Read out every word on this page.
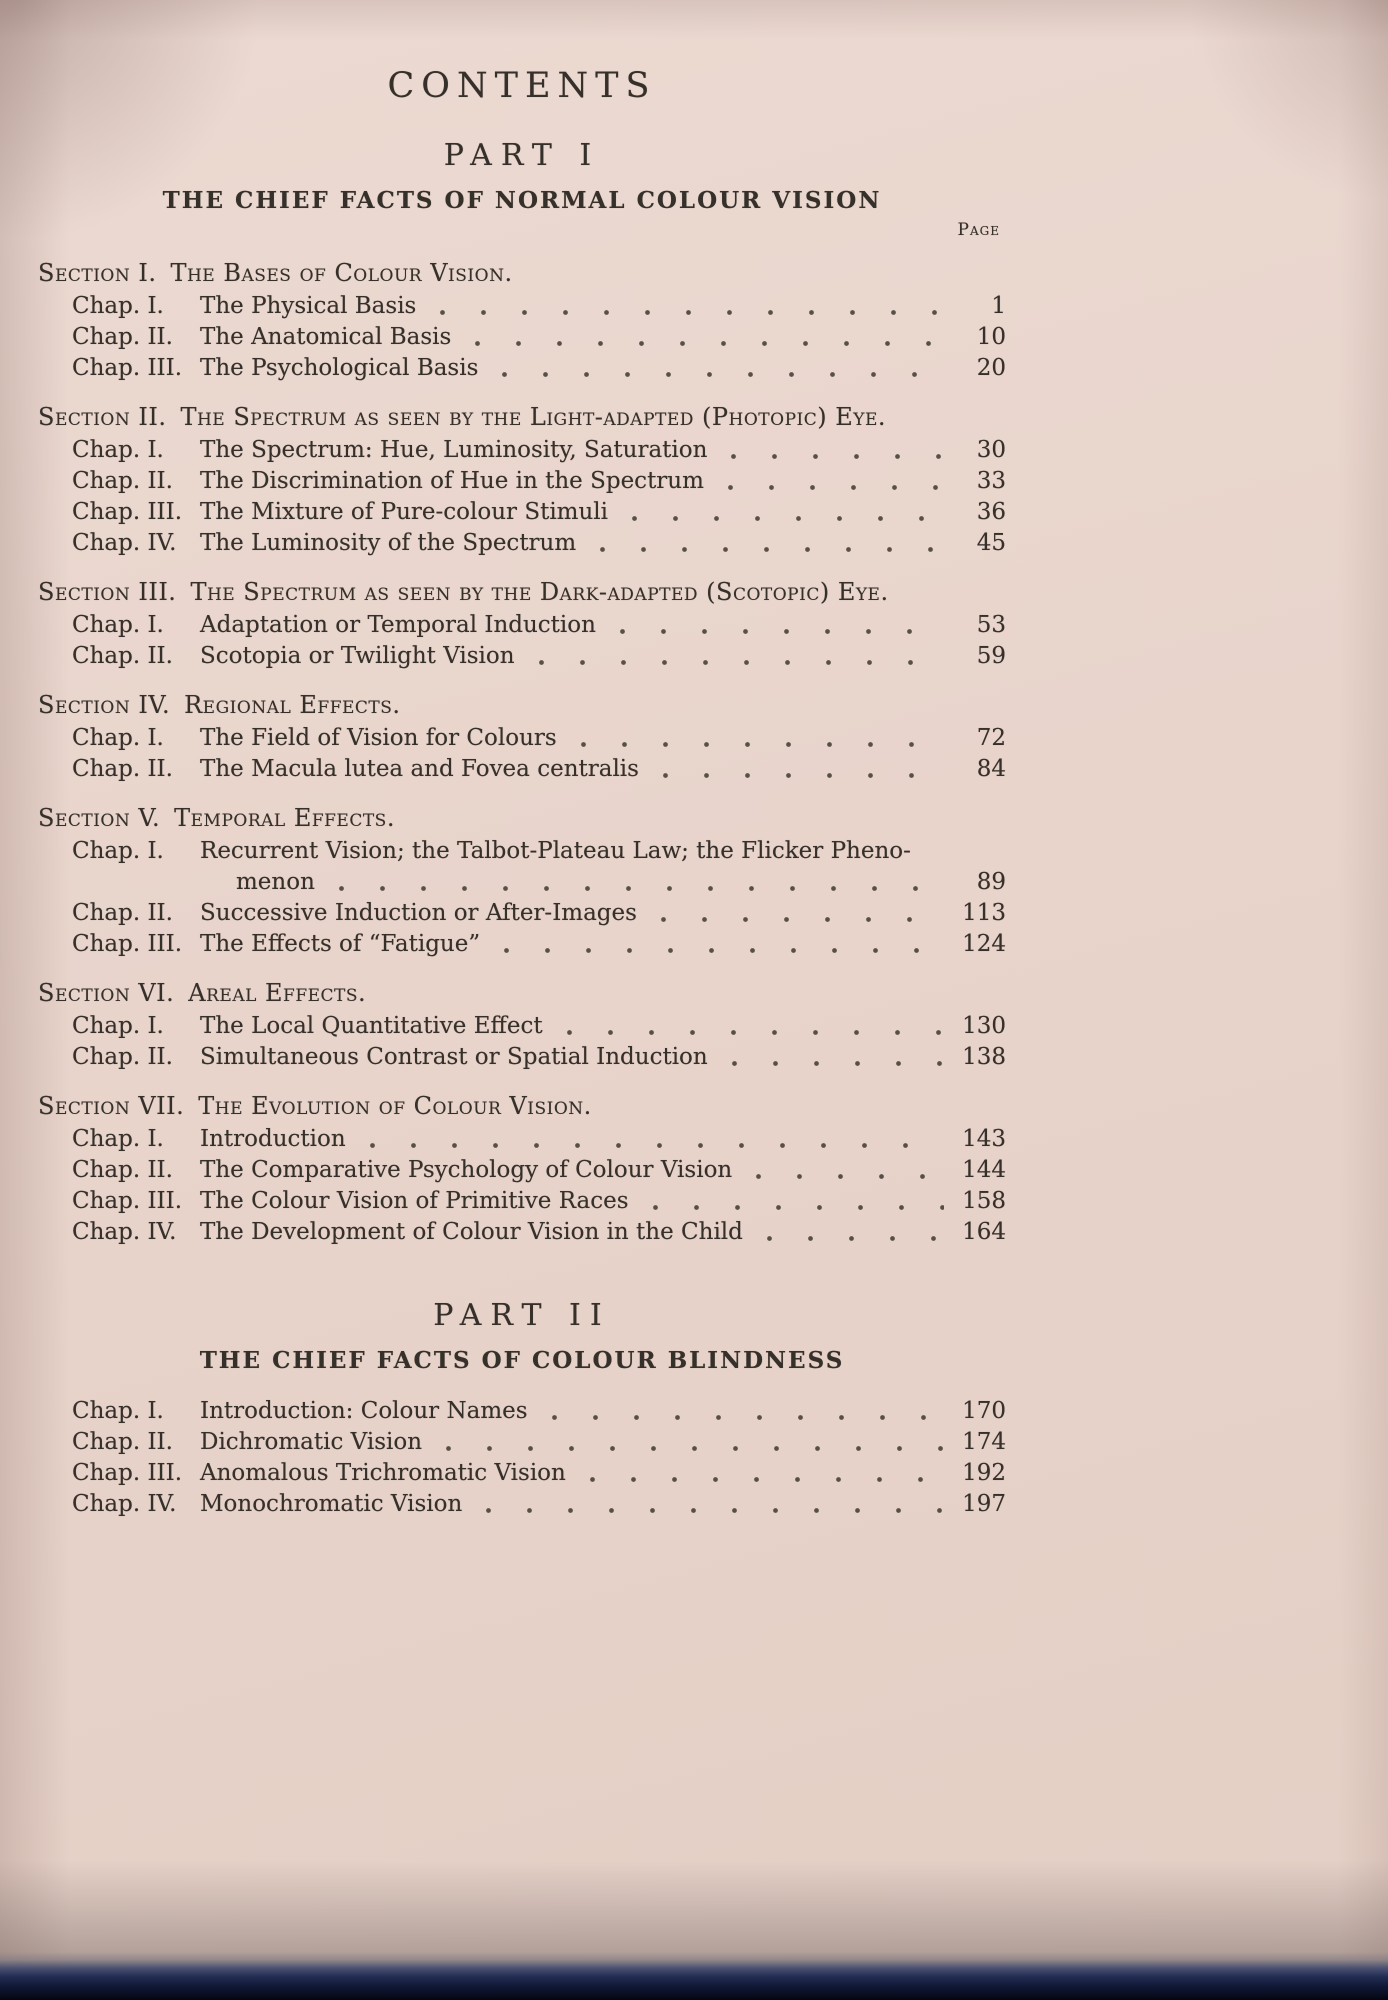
CONTENTS
PART I
THE CHIEF FACTS OF NORMAL COLOUR VISION
Page
Section I. The Bases of Colour Vision.
Chap. I.	The Physical Basis	1
Chap. II.	The Anatomical Basis	10
Chap. III. The Psychological Basis	20
Section II. The Spectrum as seen by the Light-adapted (Photopic) Eye.
Chap. I.	The Spectrum: Hue, Luminosity, Saturation	30
Chap. II.	The Discrimination of Hue in the Spectrum	33
Chap. III. The Mixture of Pure-colour Stimuli	36
Chap. IV.	The Luminosity of the Spectrum	45
Section III. The Spectrum as seen by the Dark-adapted (Scotopic) Eye.
Chap. I.	Adaptation or Temporal Induction	53
Chap. II.	Scotopia or Twilight Vision	59
Section IV. Regional Effects.
Chap. I.	The Field of Vision for Colours	72
Chap. II.	The Macula lutea and Fovea centralis	84
Section V. Temporal Effects.
Chap. I.	Recurrent Vision; the Talbot-Plateau Law; the Flicker Pheno-
menon	89
Chap. II.	Successive Induction or After-Images	113
Chap. III. The Effects of “Fatigue”	124
Section VI. Areal Effects.
Chap. I.	The Local Quantitative Effect	130
Chap. II.	Simultaneous Contrast or Spatial Induction	138
Section VII. The Evolution of Colour Vision.
Chap. I.	Introduction	143
Chap. II.	The Comparative Psychology of Colour Vision	144
Chap. III. The Colour Vision of Primitive Races	158
Chap. IV.	The Development of Colour Vision in the Child	164
PART II
THE CHIEF FACTS OF COLOUR BLINDNESS
Chap. I.	Introduction: Colour Names	170
Chap. II.	Dichromatic Vision	174
Chap. III. Anomalous Trichromatic Vision	192
Chap. IV.	Monochromatic Vision	197
